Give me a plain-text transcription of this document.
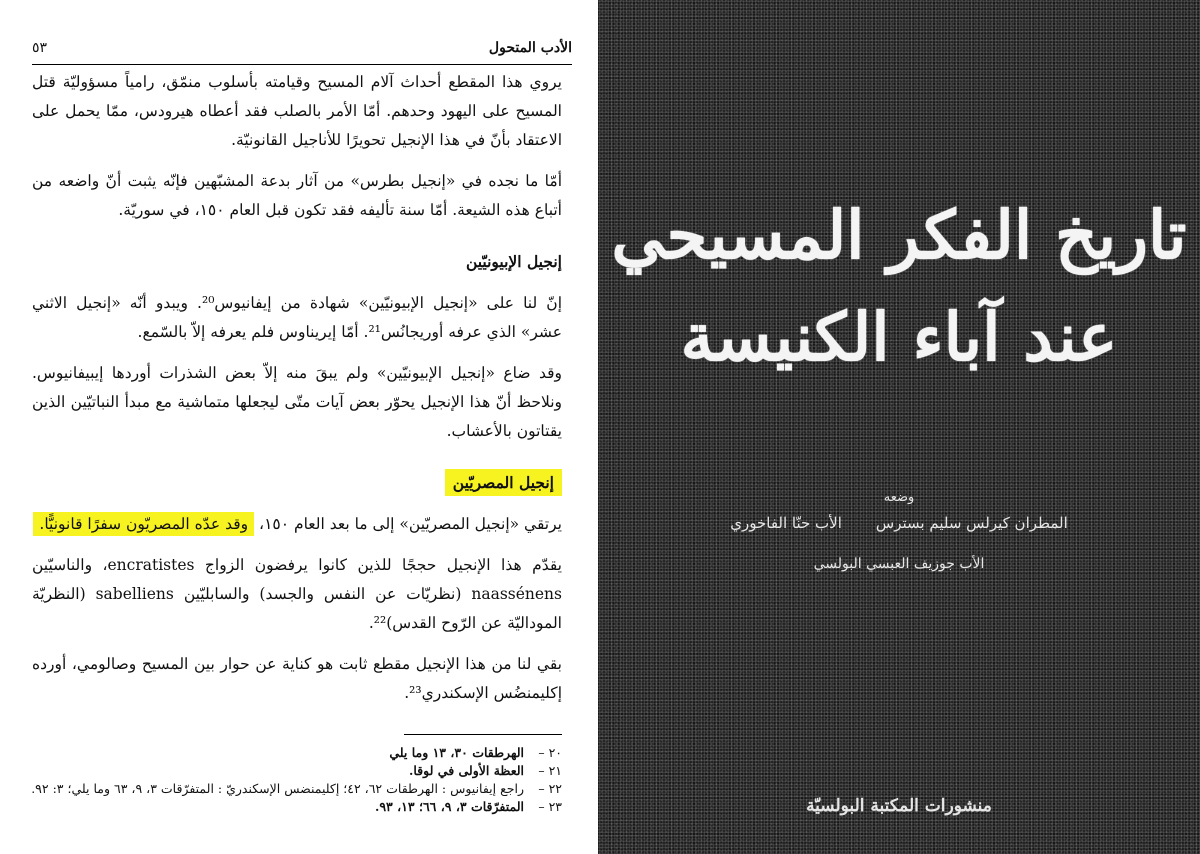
الأدب المتحول
٥٣

يروي هذا المقطع أحداث آلام المسيح وقيامته بأسلوب منمّق، رامياً مسؤوليّة قتل المسيح على اليهود وحدهم. أمّا الأمر بالصلب فقد أعطاه هيرودس، ممّا يحمل على الاعتقاد بأنّ في هذا الإنجيل تحويرًا للأناجيل القانونيّة.

أمّا ما نجده في «إنجيل بطرس» من آثار بدعة المشبّهين فإنّه يثبت أنّ واضعه من أتباع هذه الشيعة. أمّا سنة تأليفه فقد تكون قبل العام ١٥٠، في سوريّة.

إنجيل الإبيونيّين

إنّ لنا على «إنجيل الإبيونيّين» شهادة من إيفانيوس²⁰. ويبدو أنّه «إنجيل الاثني عشر» الذي عرفه أوريجانُس²¹. أمّا إيريناوس فلم يعرفه إلاّ بالسّمع.

وقد ضاع «إنجيل الإبيونيّين» ولم يبقَ منه إلاّ بعض الشذرات أوردها إيبيفانيوس. ونلاحظ أنّ هذا الإنجيل يحوّر بعض آيات متّى ليجعلها متماشية مع مبدأ النباتيّين الذين يقتاتون بالأعشاب.

إنجيل المصريّين

يرتقي «إنجيل المصريّين» إلى ما بعد العام ١٥٠، وقد عدّه المصريّون سفرًا قانونيًّا.

يقدّم هذا الإنجيل حججًا للذين كانوا يرفضون الزواج encratistes، والناسيّين naassénens (نظريّات عن النفس والجسد) والسابليّين sabelliens (النظريّة الموداليّة عن الرّوح القدس)²².

بقي لنا من هذا الإنجيل مقطع ثابت هو كناية عن حوار بين المسيح وصالومي، أورده إكليمنضُس الإسكندري²³.

٢٠ –الهرطقات ٣٠، ١٣ وما يلي
٢١ –العظة الأولى في لوقا.
٢٢ –راجع إيفانيوس : الهرطقات ٦٢، ٤٢؛ إكليمنضس الإسكندريّ : المتفرّقات ٣، ٩، ٦٣ وما يلي؛ ٣: ٩٢.
٢٣ –المتفرّقات ٣، ٩، ٦٦؛ ١٣، ٩٣.
تاريخ الفكر المسيحي
عند آباء الكنيسة
وضعه
المطران كيرلس سليم بسترس
الأب حنّا الفاخوري
الأب جوزيف العبسي البولسي
منشورات المكتبة البولسيّة
